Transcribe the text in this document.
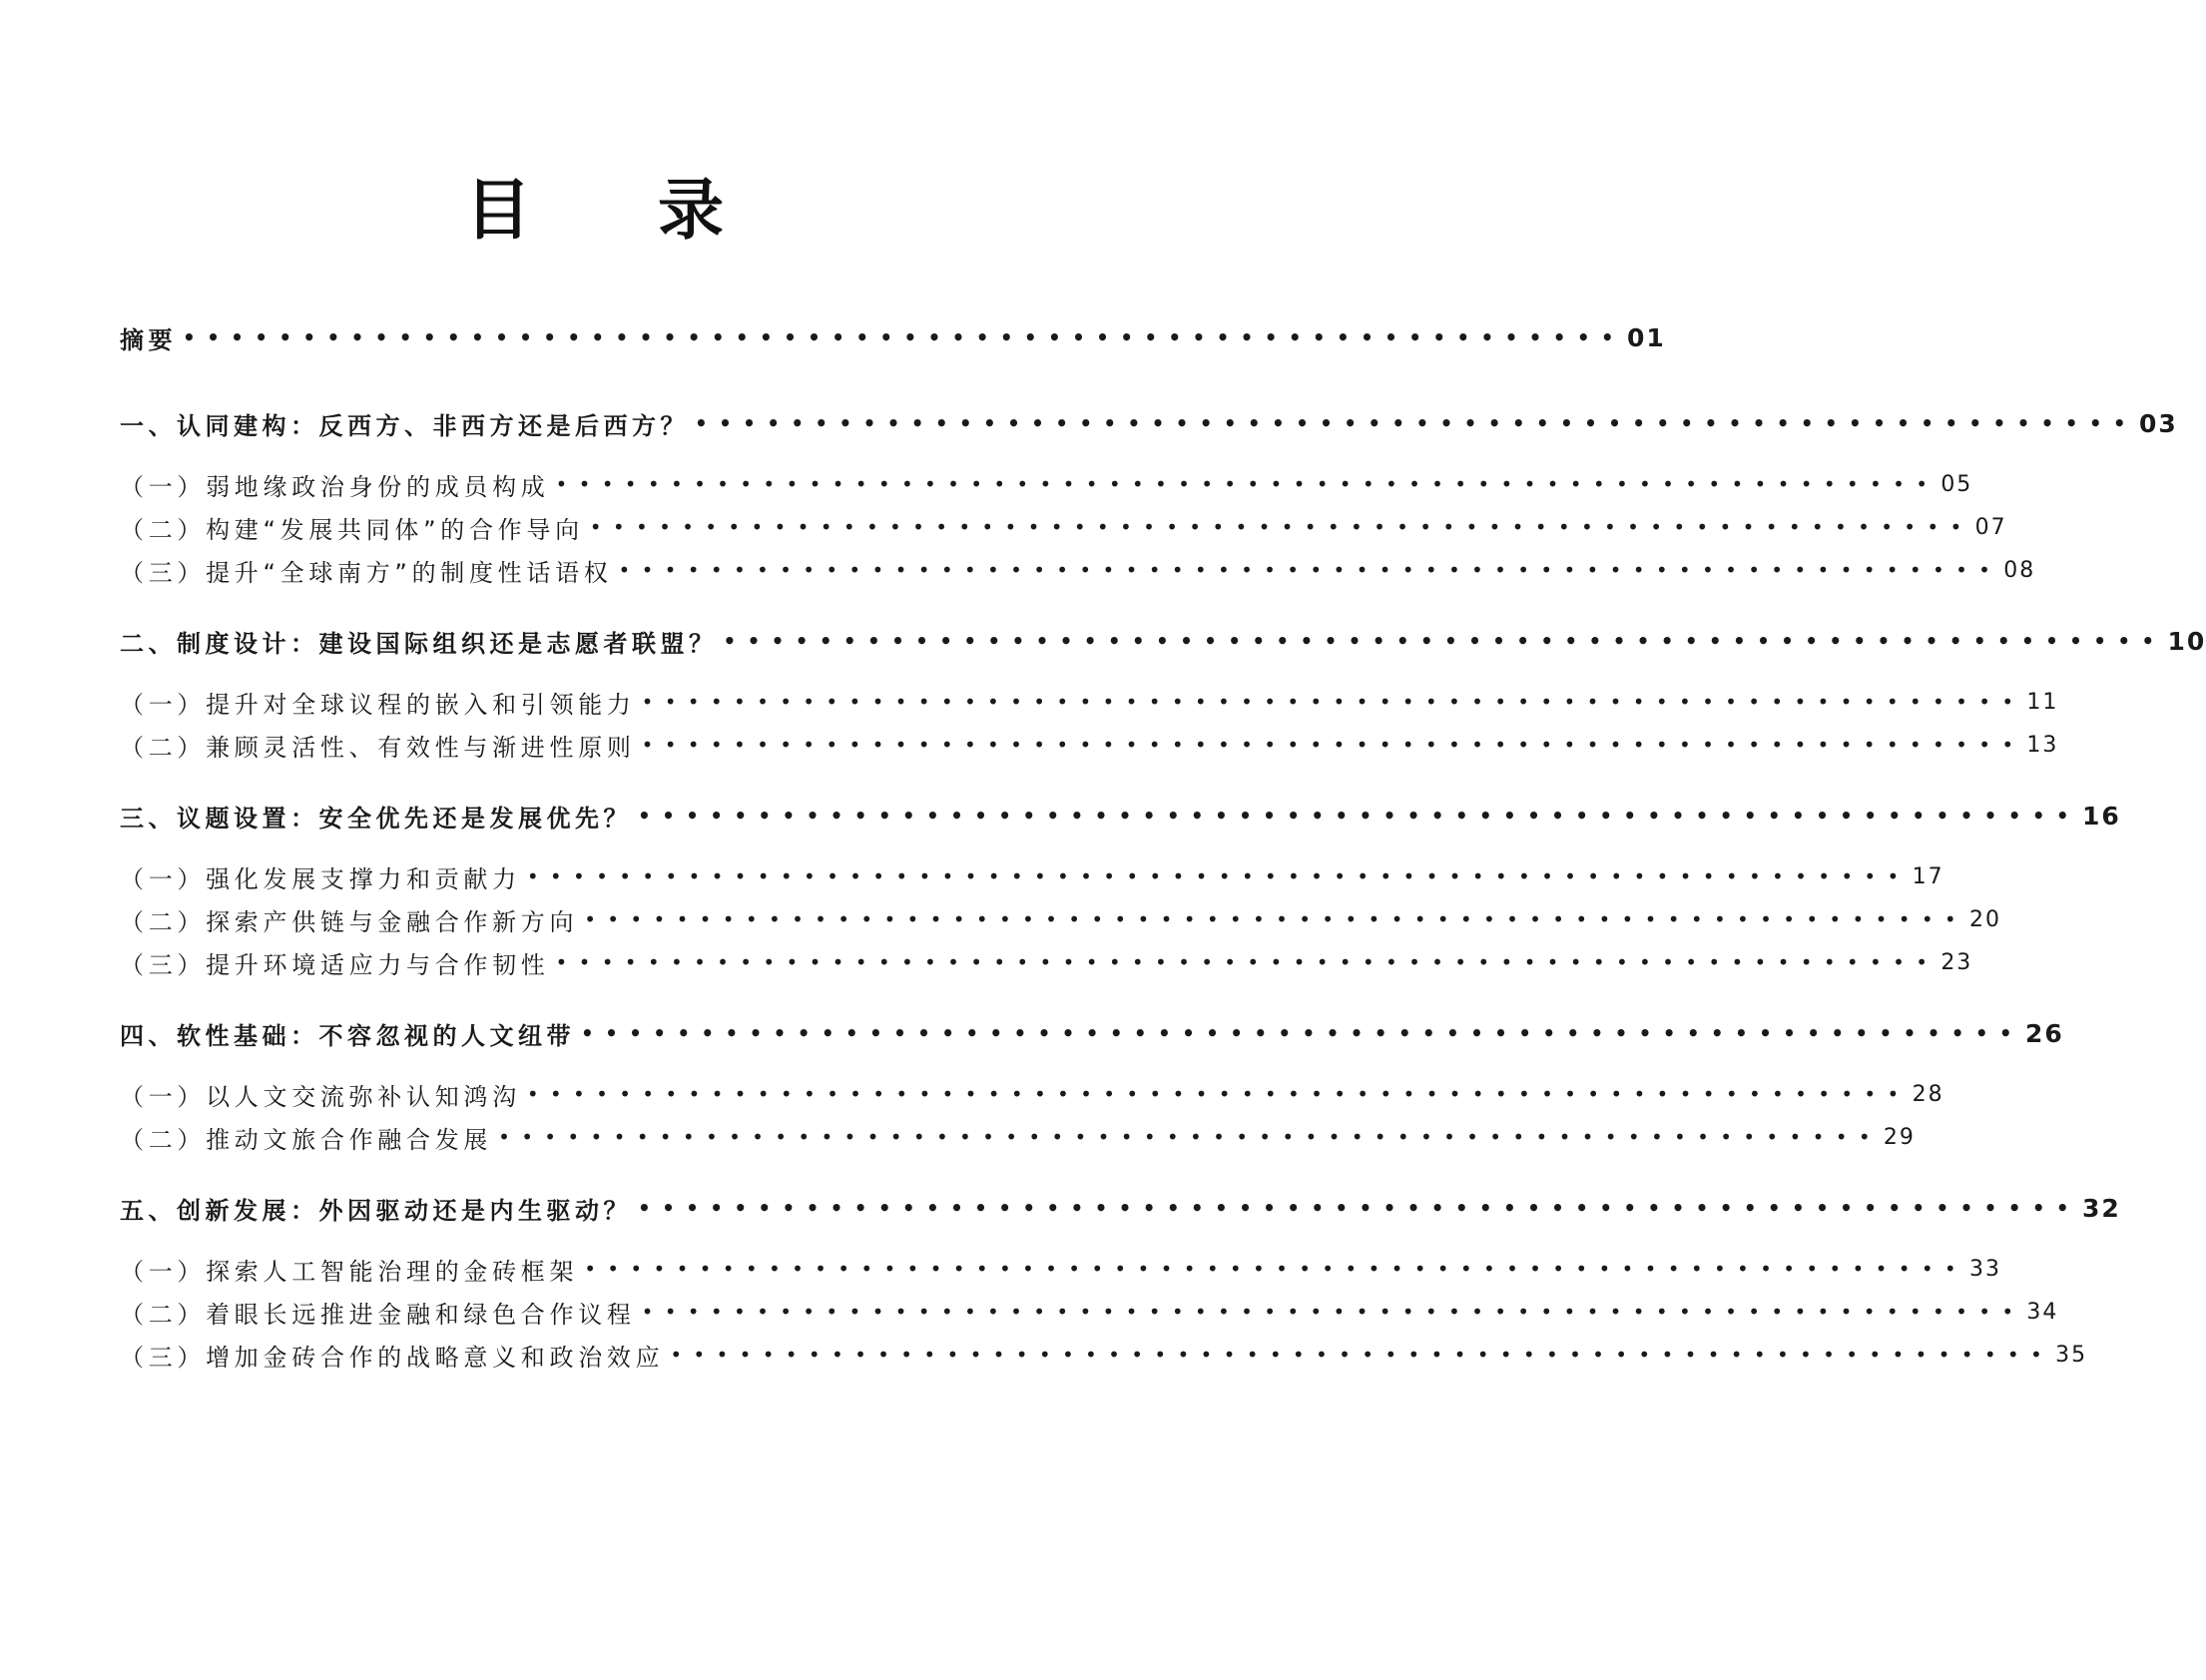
目 录
摘要 •••••••••••••••••••••••••••••••••••••••••••••••••••••••••••• 01
一、认同建构：反西方、非西方还是后西方？ •••••••••••••••••••••••••••••••••••••••••••••••••••••••••••• 03
（一）弱地缘政治身份的成员构成 •••••••••••••••••••••••••••••••••••••••••••••••••••••••••••• 05
（二）构建“发展共同体”的合作导向 •••••••••••••••••••••••••••••••••••••••••••••••••••••••••••• 07
（三）提升“全球南方”的制度性话语权 •••••••••••••••••••••••••••••••••••••••••••••••••••••••••••• 08
二、制度设计：建设国际组织还是志愿者联盟？ •••••••••••••••••••••••••••••••••••••••••••••••••••••••••••• 10
（一）提升对全球议程的嵌入和引领能力 •••••••••••••••••••••••••••••••••••••••••••••••••••••••••••• 11
（二）兼顾灵活性、有效性与渐进性原则 •••••••••••••••••••••••••••••••••••••••••••••••••••••••••••• 13
三、议题设置：安全优先还是发展优先？ •••••••••••••••••••••••••••••••••••••••••••••••••••••••••••• 16
（一）强化发展支撑力和贡献力 •••••••••••••••••••••••••••••••••••••••••••••••••••••••••••• 17
（二）探索产供链与金融合作新方向 •••••••••••••••••••••••••••••••••••••••••••••••••••••••••••• 20
（三）提升环境适应力与合作韧性 •••••••••••••••••••••••••••••••••••••••••••••••••••••••••••• 23
四、软性基础：不容忽视的人文纽带 •••••••••••••••••••••••••••••••••••••••••••••••••••••••••••• 26
（一）以人文交流弥补认知鸿沟 •••••••••••••••••••••••••••••••••••••••••••••••••••••••••••• 28
（二）推动文旅合作融合发展 •••••••••••••••••••••••••••••••••••••••••••••••••••••••••••• 29
五、创新发展：外因驱动还是内生驱动？ •••••••••••••••••••••••••••••••••••••••••••••••••••••••••••• 32
（一）探索人工智能治理的金砖框架 •••••••••••••••••••••••••••••••••••••••••••••••••••••••••••• 33
（二）着眼长远推进金融和绿色合作议程 •••••••••••••••••••••••••••••••••••••••••••••••••••••••••••• 34
（三）增加金砖合作的战略意义和政治效应 •••••••••••••••••••••••••••••••••••••••••••••••••••••••••••• 35
